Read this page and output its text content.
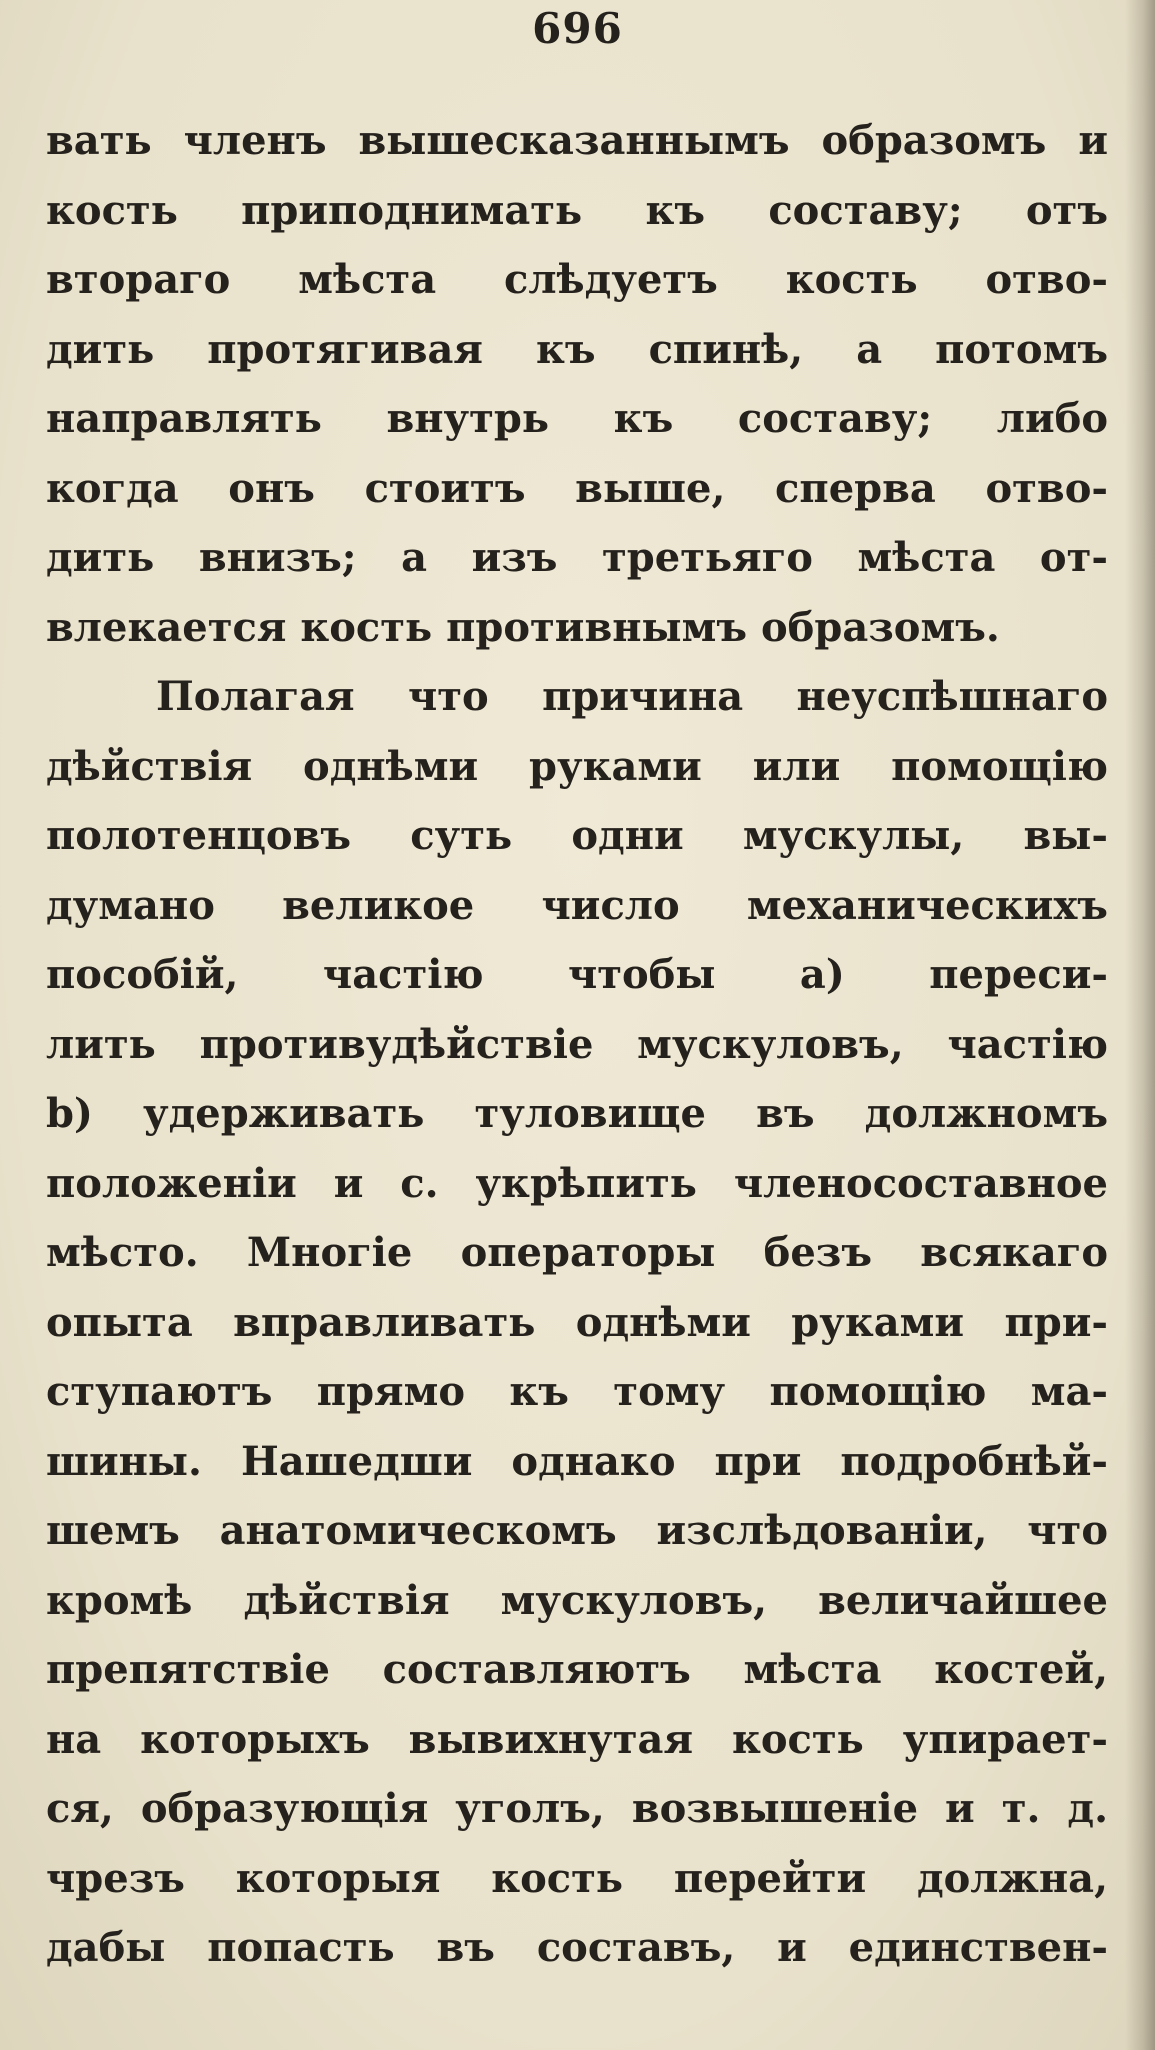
696
вать членъ вышесказаннымъ образомъ и
кость приподнимать къ составу; отъ
втораго мѣста слѣдуетъ кость отво-
дить протягивая къ спинѣ, а потомъ
направлять внутрь къ составу; либо
когда онъ стоитъ выше, сперва отво-
дить внизъ; а изъ третьяго мѣста от-
влекается кость противнымъ образомъ.
Полагая что причина неуспѣшнаго
дѣйствія однѣми руками или помощію
полотенцовъ суть одни мускулы, вы-
думано великое число механическихъ
пособій, частію чтобы a) переси-
лить противудѣйствіе мускуловъ, частію
b) удерживать туловище въ должномъ
положеніи и с. укрѣпить членосоставное
мѣсто. Многіе операторы безъ всякаго
опыта вправливать однѣми руками при-
ступаютъ прямо къ тому помощію ма-
шины. Нашедши однако при подробнѣй-
шемъ анатомическомъ изслѣдованіи, что
кромѣ дѣйствія мускуловъ, величайшее
препятствіе составляютъ мѣста костей,
на которыхъ вывихнутая кость упирает-
ся, образующія уголъ, возвышеніе и т. д.
чрезъ которыя кость перейти должна,
дабы попасть въ составъ, и единствен-
